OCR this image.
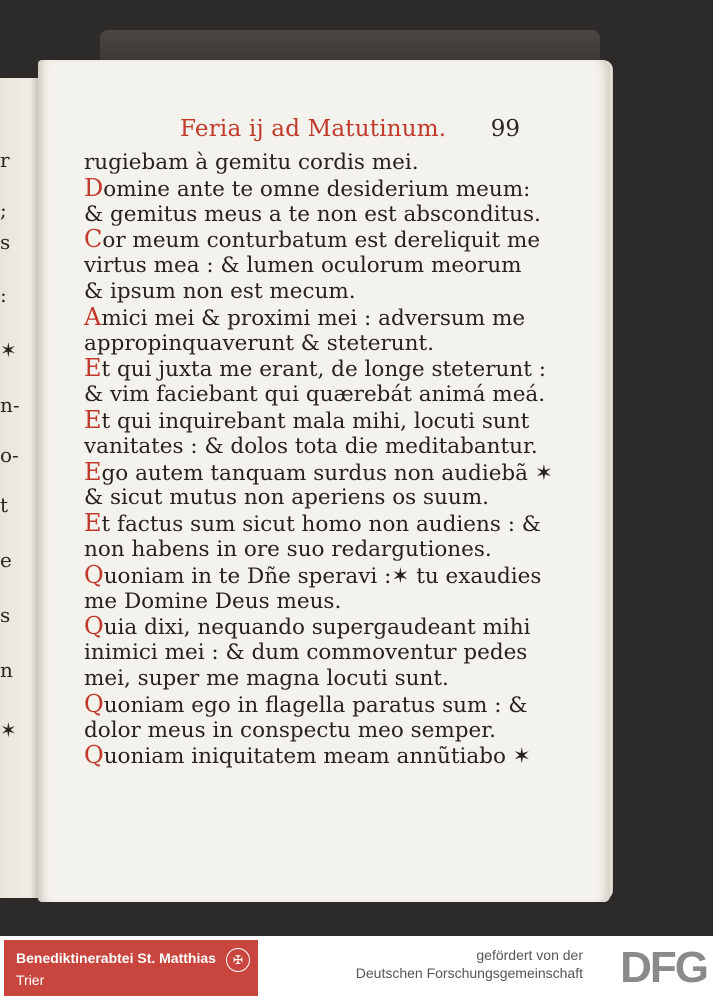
r
;
s
:
✶
n-
o-
t
e
s
n
✶
Feria ij ad Matutinum. 99
rugiebam à gemitu cordis mei.
Domine ante te omne desiderium meum:
& gemitus meus a te non est absconditus.
Cor meum conturbatum est dereliquit me
virtus mea : & lumen oculorum meorum
& ipsum non est mecum.
Amici mei & proximi mei : adversum me
appropinquaverunt & steterunt.
Et qui juxta me erant, de longe steterunt :
& vim faciebant qui quærebát animá meá.
Et qui inquirebant mala mihi, locuti sunt
vanitates : & dolos tota die meditabantur.
Ego autem tanquam surdus non audiebã ✶
& sicut mutus non aperiens os suum.
Et factus sum sicut homo non audiens : &
non habens in ore suo redargutiones.
Quoniam in te Dñe speravi :✶ tu exaudies
me Domine Deus meus.
Quia dixi, nequando supergaudeant mihi
inimici mei : & dum commoventur pedes
mei, super me magna locuti sunt.
Quoniam ego in flagella paratus sum : &
dolor meus in conspectu meo semper.
Quoniam iniquitatem meam annũtiabo ✶
Benediktinerabtei St. Matthias
Trier
✠	gefördert von der
Deutschen Forschungsgemeinschaft DFG
